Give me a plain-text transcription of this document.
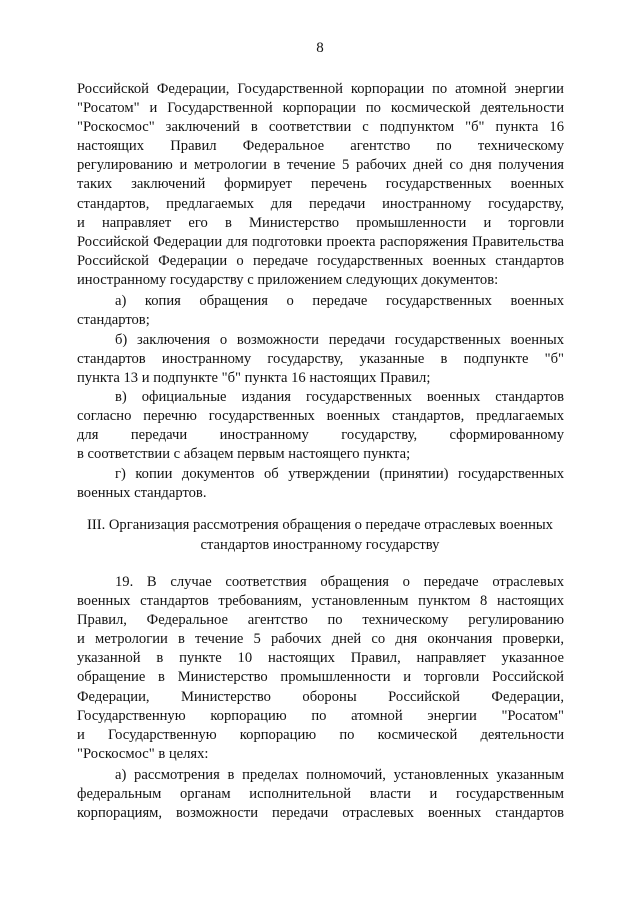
8
Российской Федерации, Государственной корпорации по атомной энергии
"Росатом" и Государственной корпорации по космической деятельности
"Роскосмос" заключений в соответствии с подпунктом "б" пункта 16
настоящих Правил Федеральное агентство по техническому
регулированию и метрологии в течение 5 рабочих дней со дня получения
таких заключений формирует перечень государственных военных
стандартов, предлагаемых для передачи иностранному государству,
и направляет его в Министерство промышленности и торговли
Российской Федерации для подготовки проекта распоряжения Правительства
Российской Федерации о передаче государственных военных стандартов
иностранному государству с приложением следующих документов:
а) копия обращения о передаче государственных военных
стандартов;
б) заключения о возможности передачи государственных военных
стандартов иностранному государству, указанные в подпункте "б"
пункта 13 и подпункте "б" пункта 16 настоящих Правил;
в) официальные издания государственных военных стандартов
согласно перечню государственных военных стандартов, предлагаемых
для передачи иностранному государству, сформированному
в соответствии с абзацем первым настоящего пункта;
г) копии документов об утверждении (принятии) государственных
военных стандартов.
III. Организация рассмотрения обращения о передаче отраслевых военных
стандартов иностранному государству
19. В случае соответствия обращения о передаче отраслевых
военных стандартов требованиям, установленным пунктом 8 настоящих
Правил, Федеральное агентство по техническому регулированию
и метрологии в течение 5 рабочих дней со дня окончания проверки,
указанной в пункте 10 настоящих Правил, направляет указанное
обращение в Министерство промышленности и торговли Российской
Федерации, Министерство обороны Российской Федерации,
Государственную корпорацию по атомной энергии "Росатом"
и Государственную корпорацию по космической деятельности
"Роскосмос" в целях:
а) рассмотрения в пределах полномочий, установленных указанным
федеральным органам исполнительной власти и государственным
корпорациям, возможности передачи отраслевых военных стандартов
